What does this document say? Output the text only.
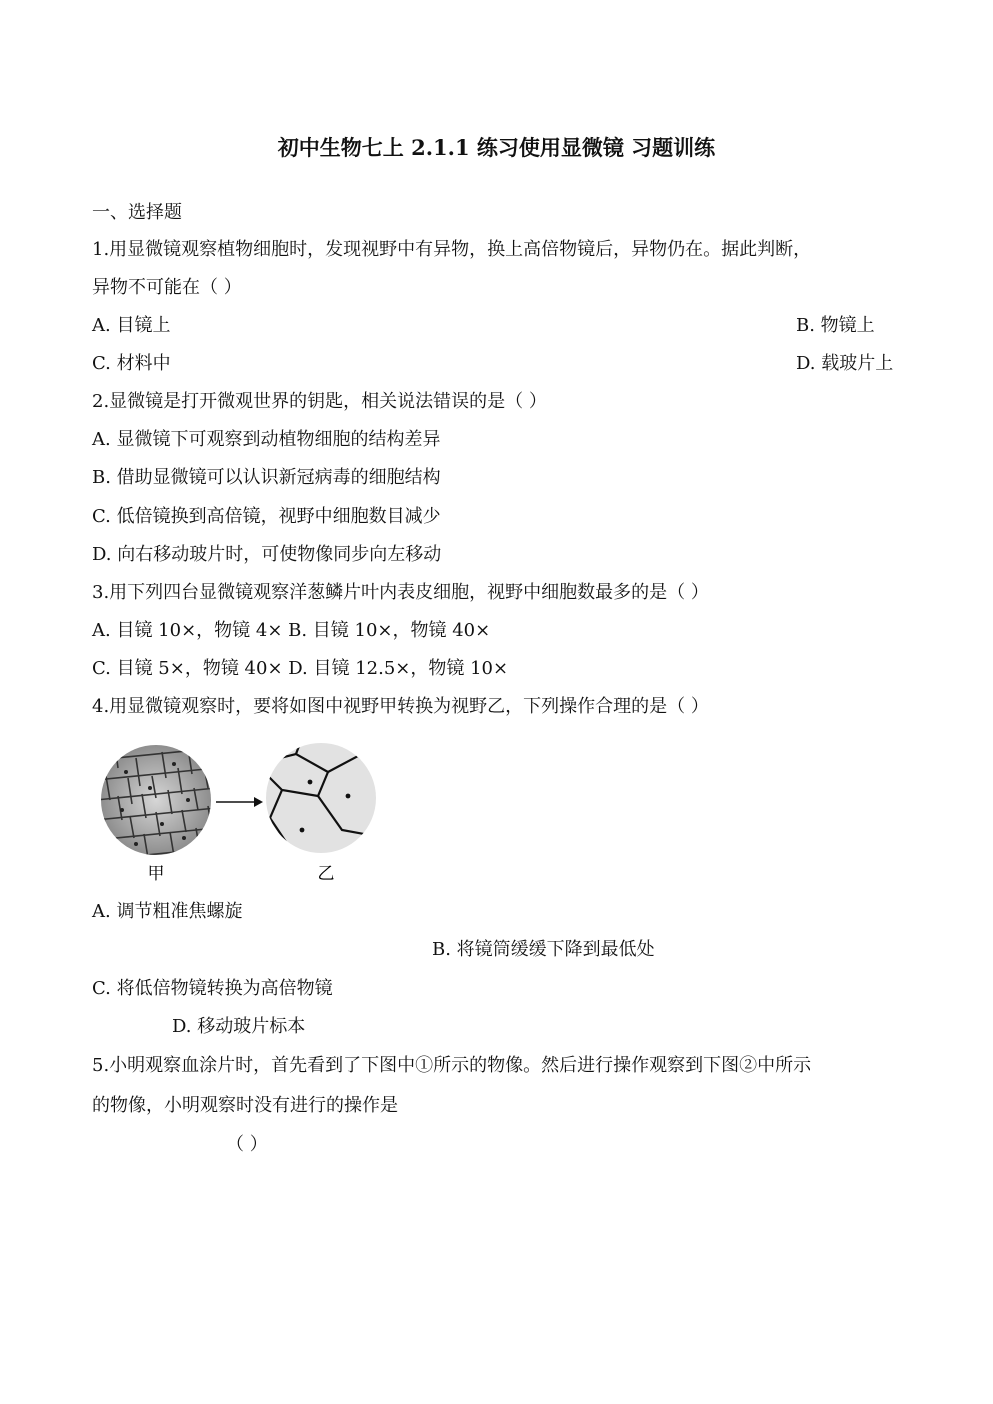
初中生物七上 2.1.1 练习使用显微镜 习题训练
一、选择题
1.用显微镜观察植物细胞时，发现视野中有异物，换上高倍物镜后，异物仍在。据此判断，
异物不可能在（ ）
A. 目镜上	B. 物镜上
C. 材料中	D. 载玻片上
2.显微镜是打开微观世界的钥匙，相关说法错误的是（ ）
A. 显微镜下可观察到动植物细胞的结构差异
B. 借助显微镜可以认识新冠病毒的细胞结构
C. 低倍镜换到高倍镜，视野中细胞数目减少
D. 向右移动玻片时，可使物像同步向左移动
3.用下列四台显微镜观察洋葱鳞片叶内表皮细胞，视野中细胞数最多的是（ ）
A. 目镜 10×，物镜 4× B. 目镜 10×，物镜 40×
C. 目镜 5×，物镜 40× D. 目镜 12.5×，物镜 10×
4.用显微镜观察时，要将如图中视野甲转换为视野乙，下列操作合理的是（ ）
甲	乙
A. 调节粗准焦螺旋
B. 将镜筒缓缓下降到最低处
C. 将低倍物镜转换为高倍物镜
D. 移动玻片标本
5.小明观察血涂片时，首先看到了下图中①所示的物像。然后进行操作观察到下图②中所示
的物像，小明观察时没有进行的操作是
（ ）
